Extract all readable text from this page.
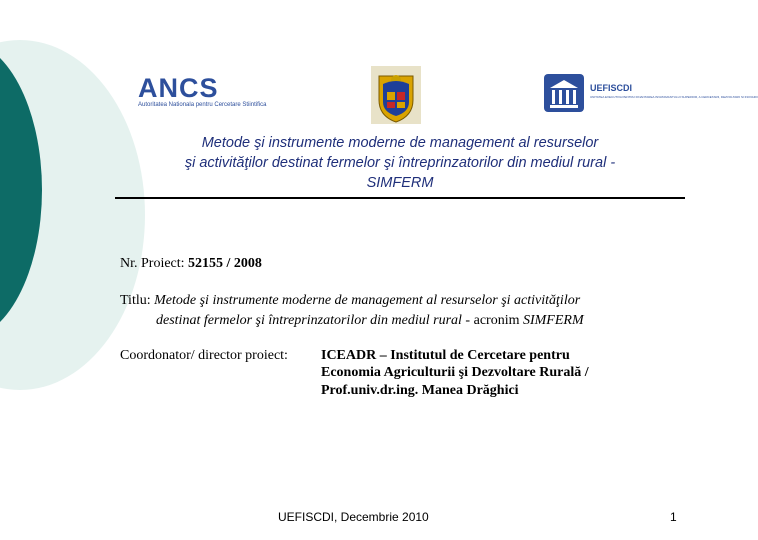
ANCS
Autoritatea Nationala pentru Cercetare Stiintifica
UEFISCDI
UNITATEA EXECUTIVA PENTRU FINANTAREA INVATAMANTULUI SUPERIOR, A CERCETARII, DEZVOLTARII SI INOVARII
Metode şi instrumente moderne de management al resurselor
şi activităţilor destinat fermelor şi întreprinzatorilor din mediul rural -
SIMFERM
Nr. Proiect: 52155 / 2008
Titlu: Metode şi instrumente moderne de management al resurselor şi activităţilor
destinat fermelor şi întreprinzatorilor din mediul rural - acronim SIMFERM
Coordonator/ director proiect: ICEADR – Institutul de Cercetare pentru
Economia Agriculturii şi Dezvoltare Rurală /
Prof.univ.dr.ing. Manea Drăghici
UEFISCDI, Decembrie 2010	1
